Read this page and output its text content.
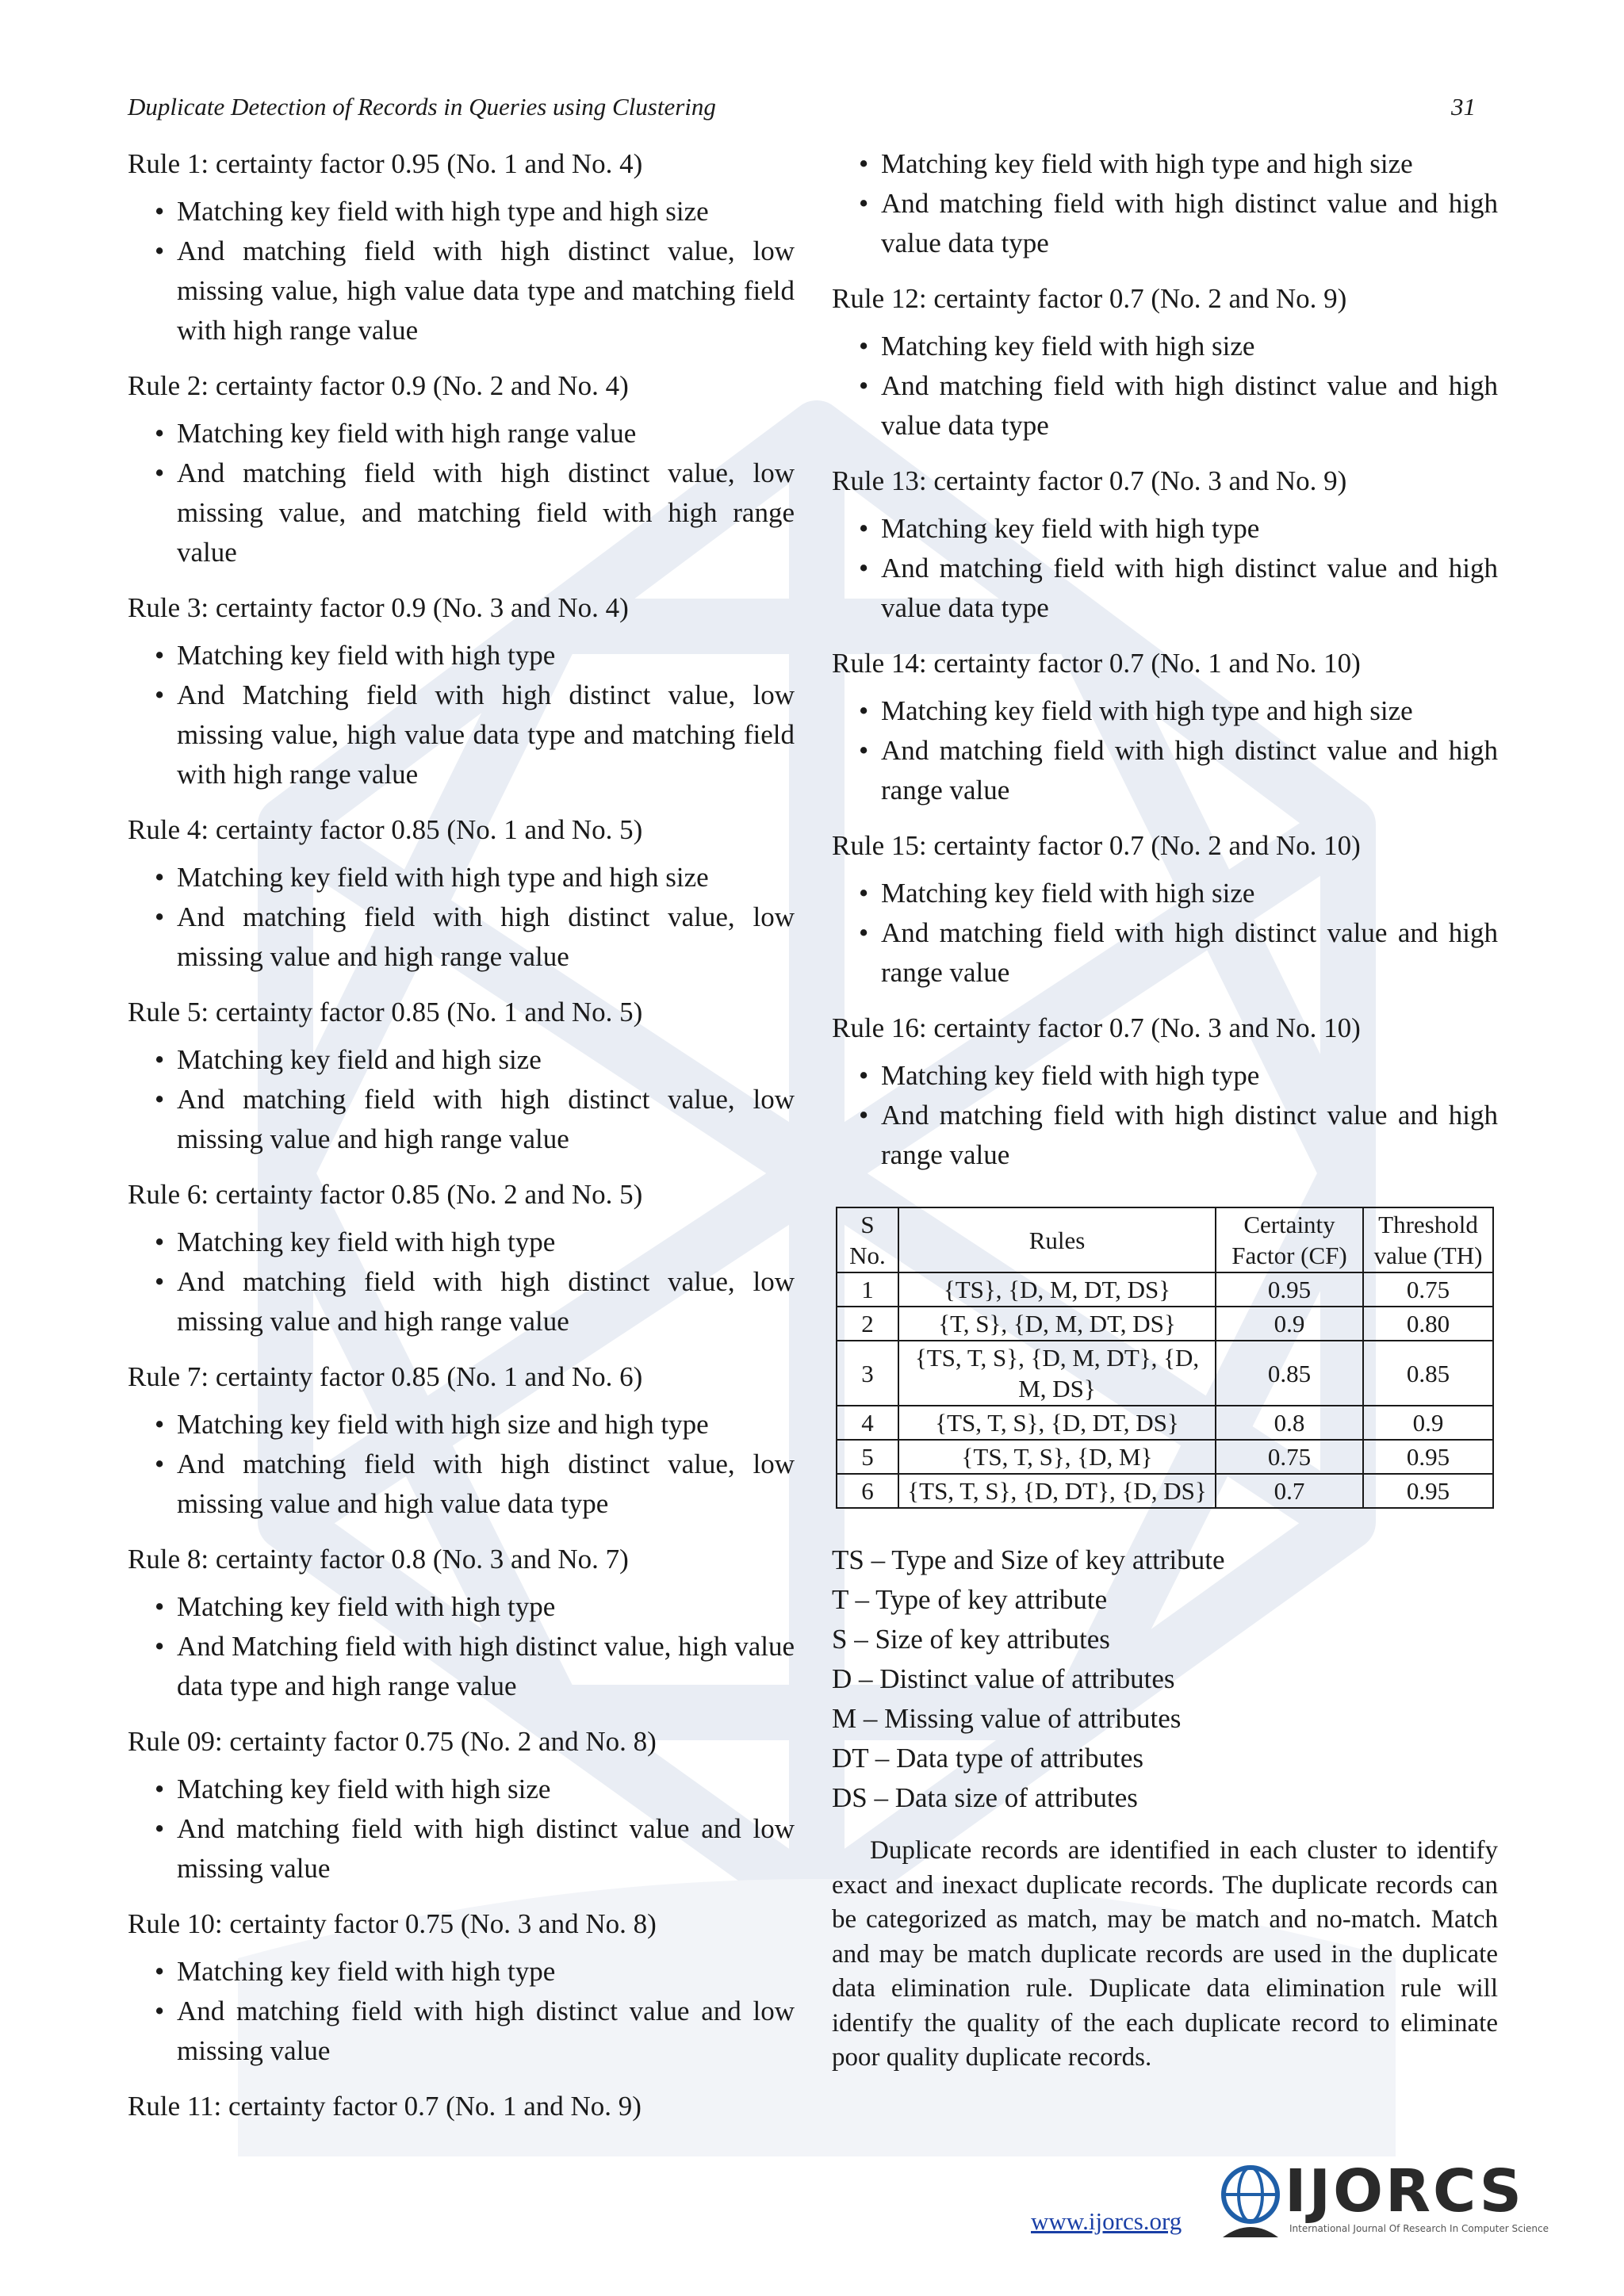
Duplicate Detection of Records in Queries using Clustering	31

Rule 1: certainty factor 0.95 (No. 1 and No. 4)

• Matching key field with high type and high size
• And matching field with high distinct value, low missing value, high value data type and matching field with high range value

Rule 2: certainty factor 0.9 (No. 2 and No. 4)

• Matching key field with high range value
• And matching field with high distinct value, low missing value, and matching field with high range value

Rule 3: certainty factor 0.9 (No. 3 and No. 4)

• Matching key field with high type
• And Matching field with high distinct value, low missing value, high value data type and matching field with high range value

Rule 4: certainty factor 0.85 (No. 1 and No. 5)

• Matching key field with high type and high size
• And matching field with high distinct value, low missing value and high range value

Rule 5: certainty factor 0.85 (No. 1 and No. 5)

• Matching key field and high size
• And matching field with high distinct value, low missing value and high range value

Rule 6: certainty factor 0.85 (No. 2 and No. 5)

• Matching key field with high type
• And matching field with high distinct value, low missing value and high range value

Rule 7: certainty factor 0.85 (No. 1 and No. 6)

• Matching key field with high size and high type
• And matching field with high distinct value, low missing value and high value data type

Rule 8: certainty factor 0.8 (No. 3 and No. 7)

• Matching key field with high type
• And Matching field with high distinct value, high value data type and high range value

Rule 09: certainty factor 0.75 (No. 2 and No. 8)

• Matching key field with high size
• And matching field with high distinct value and low missing value

Rule 10: certainty factor 0.75 (No. 3 and No. 8)

• Matching key field with high type
• And matching field with high distinct value and low missing value

Rule 11: certainty factor 0.7 (No. 1 and No. 9)

• Matching key field with high type and high size
• And matching field with high distinct value and high value data type

Rule 12: certainty factor 0.7 (No. 2 and No. 9)

• Matching key field with high size
• And matching field with high distinct value and high value data type

Rule 13: certainty factor 0.7 (No. 3 and No. 9)

• Matching key field with high type
• And matching field with high distinct value and high value data type

Rule 14: certainty factor 0.7 (No. 1 and No. 10)

• Matching key field with high type and high size
• And matching field with high distinct value and high range value

Rule 15: certainty factor 0.7 (No. 2 and No. 10)

• Matching key field with high size
• And matching field with high distinct value and high range value

Rule 16: certainty factor 0.7 (No. 3 and No. 10)

• Matching key field with high type
• And matching field with high distinct value and high range value
S No.	Rules	Certainty Factor (CF)	Threshold value (TH)
1	{TS}, {D, M, DT, DS}	0.95	0.75
2	{T, S}, {D, M, DT, DS}	0.9	0.80
3	{TS, T, S}, {D, M, DT}, {D, M, DS}	0.85	0.85
4	{TS, T, S}, {D, DT, DS}	0.8	0.9
5	{TS, T, S}, {D, M}	0.75	0.95
6	{TS, T, S}, {D, DT}, {D, DS}	0.7	0.95
TS – Type and Size of key attribute
T – Type of key attribute
S – Size of key attributes
D – Distinct value of attributes
M – Missing value of attributes
DT – Data type of attributes
DS – Data size of attributes

Duplicate records are identified in each cluster to identify exact and inexact duplicate records. The duplicate records can be categorized as match, may be match and no-match. Match and may be match duplicate records are used in the duplicate data elimination rule. Duplicate data elimination rule will identify the quality of the each duplicate record to eliminate poor quality duplicate records.

www.ijorcs.org IJORCS
International Journal Of Research In Computer Science
